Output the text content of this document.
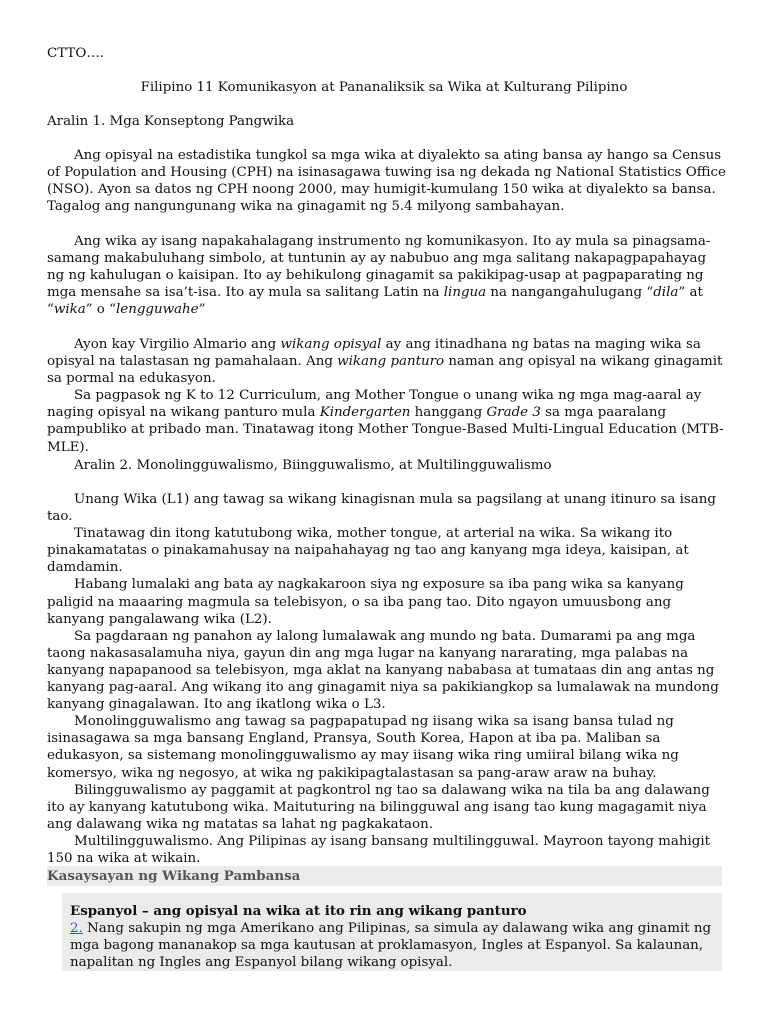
CTTO….
Filipino 11 Komunikasyon at Pananaliksik sa Wika at Kulturang Pilipino
Aralin 1. Mga Konseptong Pangwika

Ang opisyal na estadistika tungkol sa mga wika at diyalekto sa ating bansa ay hango sa Census of Population and Housing (CPH) na isinasagawa tuwing isa ng dekada ng National Statistics Office (NSO). Ayon sa datos ng CPH noong 2000, may humigit-kumulang 150 wika at diyalekto sa bansa. Tagalog ang nangungunang wika na ginagamit ng 5.4 milyong sambahayan.

Ang wika ay isang napakahalagang instrumento ng komunikasyon. Ito ay mula sa pinagsama-samang makabuluhang simbolo, at tuntunin ay ay nabubuo ang mga salitang nakapagpapahayag ng ng kahulugan o kaisipan. Ito ay behikulong ginagamit sa pakikipag-usap at pagpaparating ng mga mensahe sa isa’t-isa. Ito ay mula sa salitang Latin na lingua na nangangahulugang “dila” at “wika” o “lengguwahe”

Ayon kay Virgilio Almario ang wikang opisyal ay ang itinadhana ng batas na maging wika sa opisyal na talastasan ng pamahalaan. Ang wikang panturo naman ang opisyal na wikang ginagamit sa pormal na edukasyon.

Sa pagpasok ng K to 12 Curriculum, ang Mother Tongue o unang wika ng mga mag-aaral ay naging opisyal na wikang panturo mula Kindergarten hanggang Grade 3 sa mga paaralang pampubliko at pribado man. Tinatawag itong Mother Tongue-Based Multi-Lingual Education (MTB-MLE).

Aralin 2. Monolingguwalismo, Biingguwalismo, at Multilingguwalismo

Unang Wika (L1) ang tawag sa wikang kinagisnan mula sa pagsilang at unang itinuro sa isang tao.

Tinatawag din itong katutubong wika, mother tongue, at arterial na wika. Sa wikang ito pinakamatatas o pinakamahusay na naipahahayag ng tao ang kanyang mga ideya, kaisipan, at damdamin.

Habang lumalaki ang bata ay nagkakaroon siya ng exposure sa iba pang wika sa kanyang paligid na maaaring magmula sa telebisyon, o sa iba pang tao. Dito ngayon umuusbong ang kanyang pangalawang wika (L2).

Sa pagdaraan ng panahon ay lalong lumalawak ang mundo ng bata. Dumarami pa ang mga taong nakasasalamuha niya, gayun din ang mga lugar na kanyang nararating, mga palabas na kanyang napapanood sa telebisyon, mga aklat na kanyang nababasa at tumataas din ang antas ng kanyang pag-aaral. Ang wikang ito ang ginagamit niya sa pakikiangkop sa lumalawak na mundong kanyang ginagalawan. Ito ang ikatlong wika o L3.

Monolingguwalismo ang tawag sa pagpapatupad ng iisang wika sa isang bansa tulad ng isinasagawa sa mga bansang England, Pransya, South Korea, Hapon at iba pa. Maliban sa edukasyon, sa sistemang monolingguwalismo ay may iisang wika ring umiiral bilang wika ng komersyo, wika ng negosyo, at wika ng pakikipagtalastasan sa pang-araw araw na buhay.

Bilingguwalismo ay paggamit at pagkontrol ng tao sa dalawang wika na tila ba ang dalawang ito ay kanyang katutubong wika. Maituturing na bilingguwal ang isang tao kung magagamit niya ang dalawang wika ng matatas sa lahat ng pagkakataon.

Multilingguwalismo. Ang Pilipinas ay isang bansang multilingguwal. Mayroon tayong mahigit 150 na wika at wikain.

Kasaysayan ng Wikang Pambansa
Espanyol – ang opisyal na wika at ito rin ang wikang panturo
2. Nang sakupin ng mga Amerikano ang Pilipinas, sa simula ay dalawang wika ang ginamit ng mga bagong mananakop sa mga kautusan at proklamasyon, Ingles at Espanyol. Sa kalaunan, napalitan ng Ingles ang Espanyol bilang wikang opisyal.
